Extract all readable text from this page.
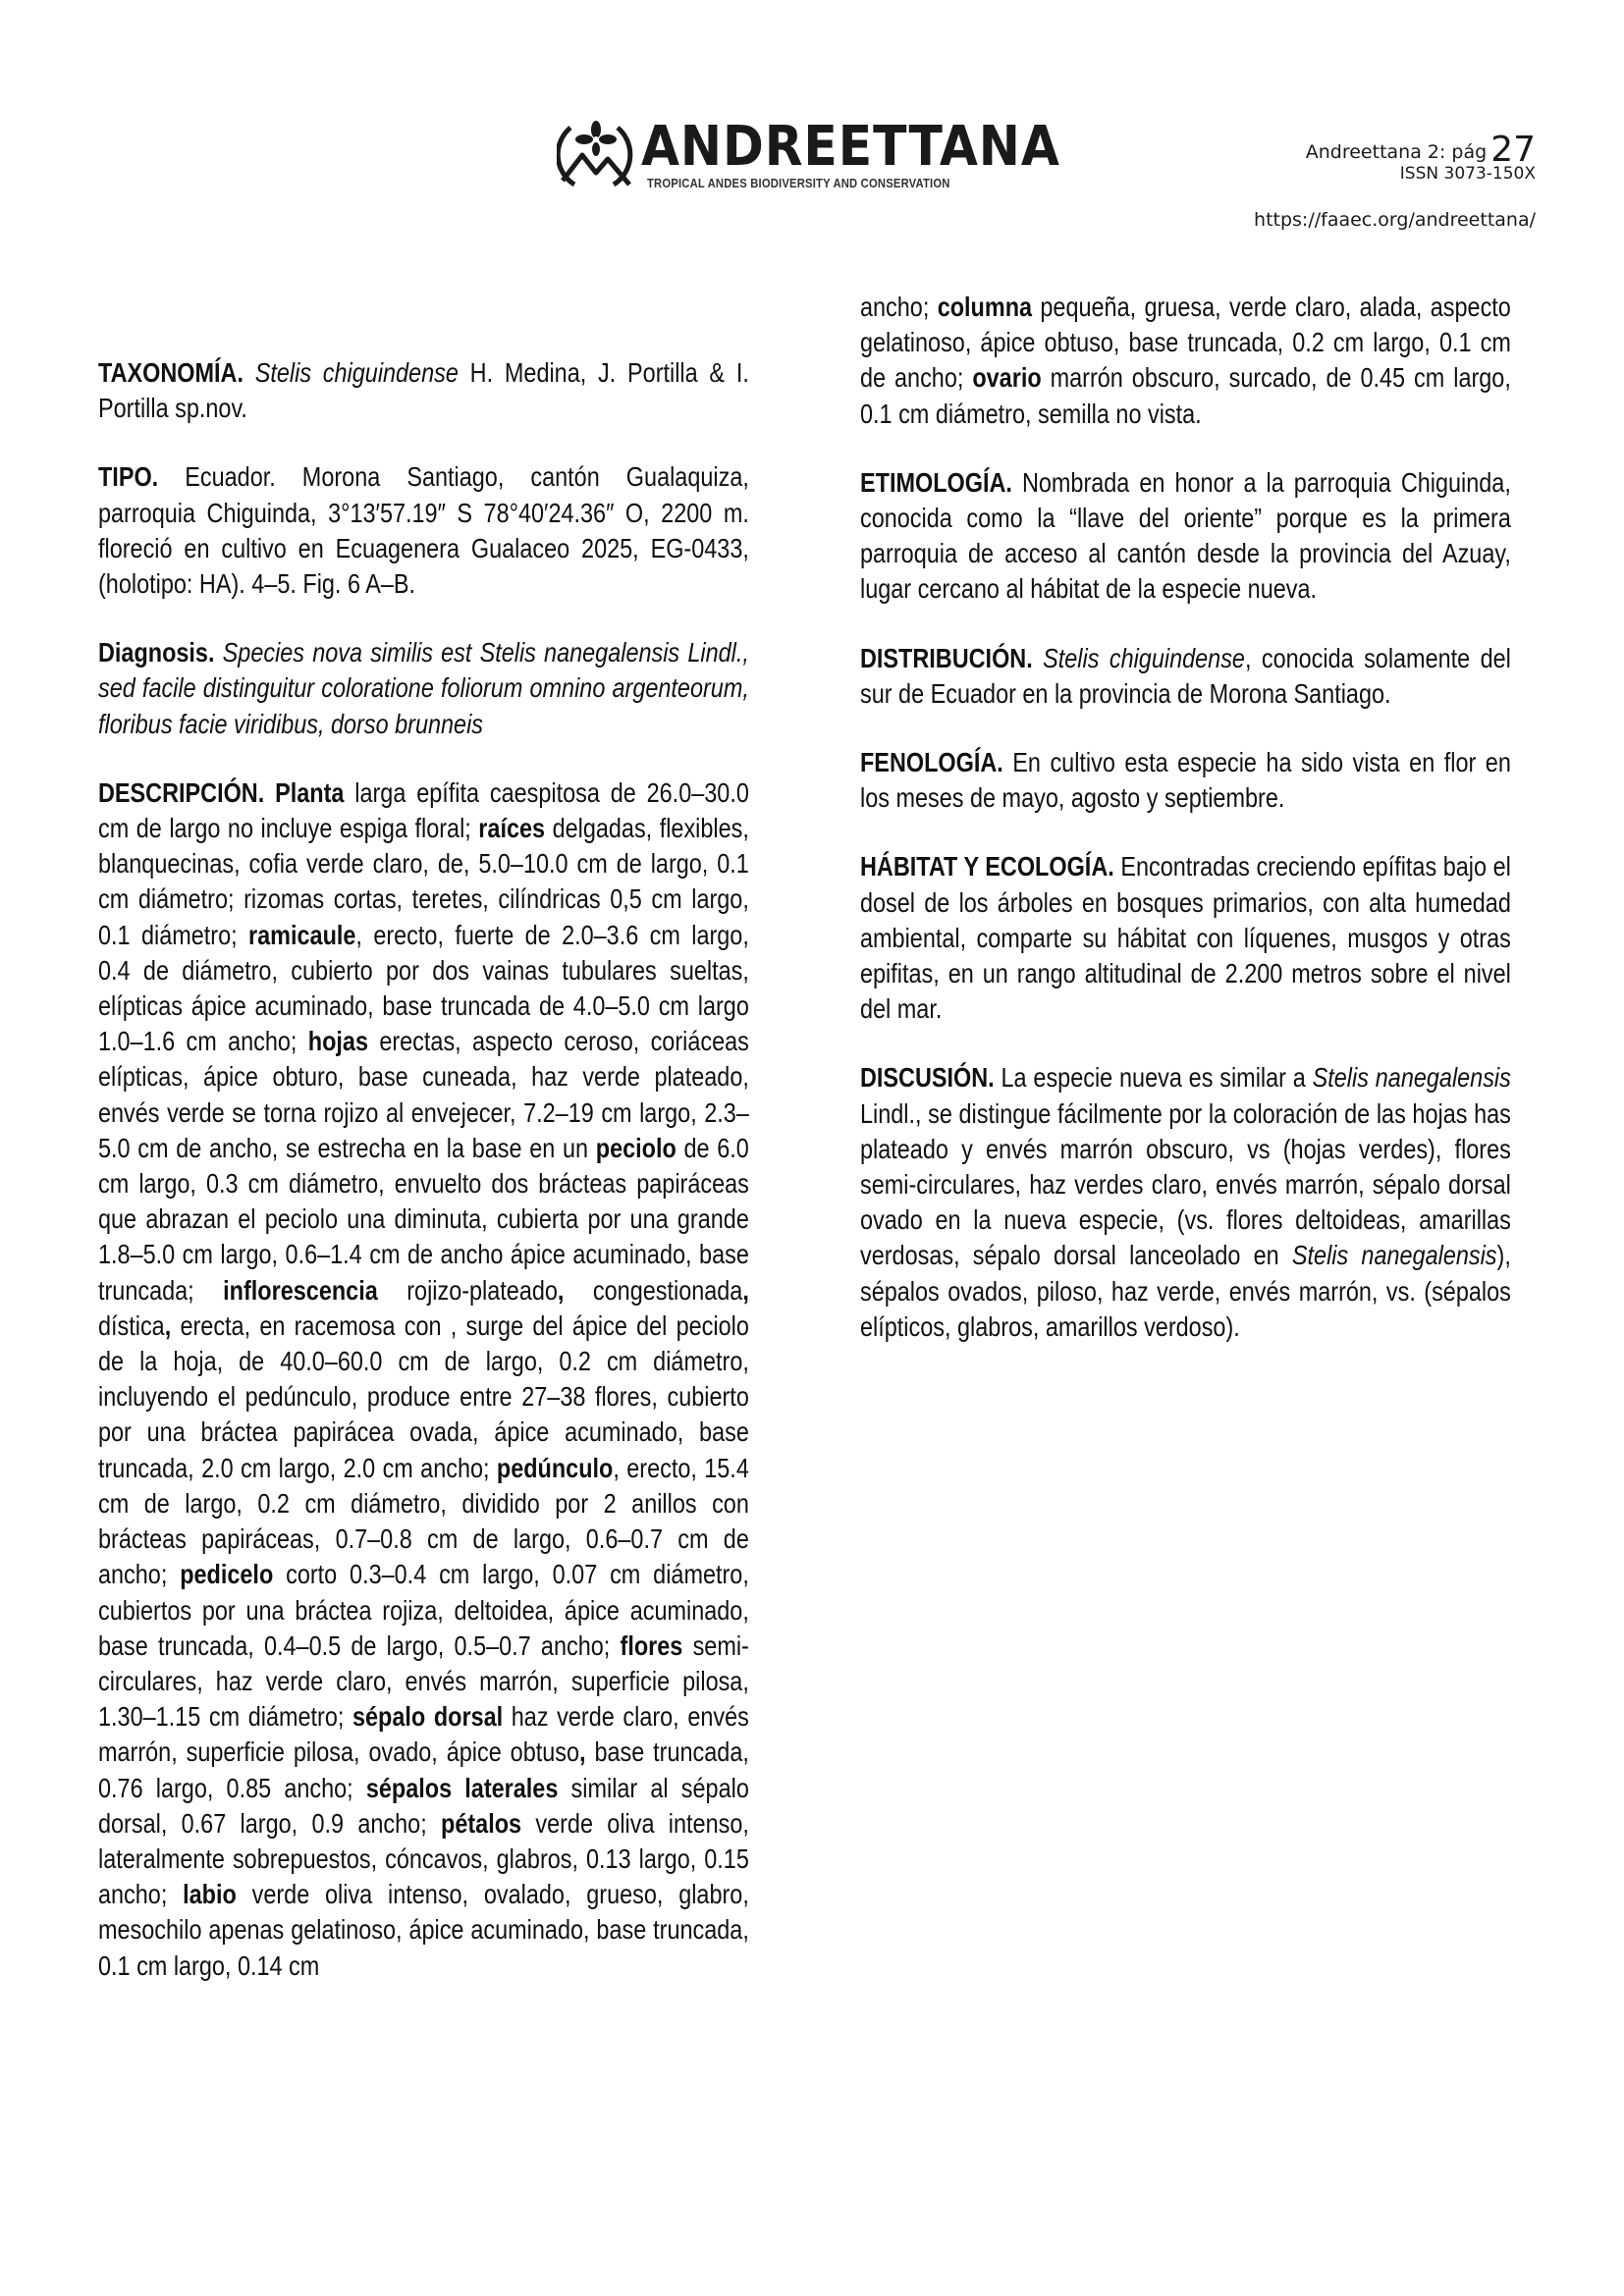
ANDREETTANA
TROPICAL ANDES BIODIVERSITY AND CONSERVATION
Andreettana 2: pág 27
ISSN 3073-150X
https://faaec.org/andreettana/

TAXONOMÍA. Stelis chiguindense H. Medina, J. Portilla & I. Portilla sp.nov.

TIPO. Ecuador. Morona Santiago, cantón Gualaquiza, parroquia Chiguinda, 3°13′57.19″ S 78°40′24.36″ O, 2200 m. floreció en cultivo en Ecuagenera Gualaceo 2025, EG-0433, (holotipo: HA). 4–5. Fig. 6 A–B.

Diagnosis. Species nova similis est Stelis nanegalensis Lindl., sed facile distinguitur coloratione foliorum omnino argenteorum, floribus facie viridibus, dorso brunneis

DESCRIPCIÓN. Planta larga epífita caespitosa de 26.0–30.0 cm de largo no incluye espiga floral; raíces delgadas, flexibles, blanquecinas, cofia verde claro, de, 5.0–10.0 cm de largo, 0.1 cm diámetro; rizomas cortas, teretes, cilíndricas 0,5 cm largo, 0.1 diámetro; ramicaule, erecto, fuerte de 2.0–3.6 cm largo, 0.4 de diámetro, cubierto por dos vainas tubulares sueltas, elípticas ápice acuminado, base truncada de 4.0–5.0 cm largo 1.0–1.6 cm ancho; hojas erectas, aspecto ceroso, coriáceas elípticas, ápice obturo, base cuneada, haz verde plateado, envés verde se torna rojizo al envejecer, 7.2–19 cm largo, 2.3–5.0 cm de ancho, se estrecha en la base en un peciolo de 6.0 cm largo, 0.3 cm diámetro, envuelto dos brácteas papiráceas que abrazan el peciolo una diminuta, cubierta por una grande 1.8–5.0 cm largo, 0.6–1.4 cm de ancho ápice acuminado, base truncada; inflorescencia rojizo-plateado, congestionada, dística, erecta, en racemosa con , surge del ápice del peciolo de la hoja, de 40.0–60.0 cm de largo, 0.2 cm diámetro, incluyendo el pedúnculo, produce entre 27–38 flores, cubierto por una bráctea papirácea ovada, ápice acuminado, base truncada, 2.0 cm largo, 2.0 cm ancho; pedúnculo, erecto, 15.4 cm de largo, 0.2 cm diámetro, dividido por 2 anillos con brácteas papiráceas, 0.7–0.8 cm de largo, 0.6–0.7 cm de ancho; pedicelo corto 0.3–0.4 cm largo, 0.07 cm diámetro, cubiertos por una bráctea rojiza, deltoidea, ápice acuminado, base truncada, 0.4–0.5 de largo, 0.5–0.7 ancho; flores semi-circulares, haz verde claro, envés marrón, superficie pilosa, 1.30–1.15 cm diámetro; sépalo dorsal haz verde claro, envés marrón, superficie pilosa, ovado, ápice obtuso, base truncada, 0.76 largo, 0.85 ancho; sépalos laterales similar al sépalo dorsal, 0.67 largo, 0.9 ancho; pétalos verde oliva intenso, lateralmente sobrepuestos, cóncavos, glabros, 0.13 largo, 0.15 ancho; labio verde oliva intenso, ovalado, grueso, glabro, mesochilo apenas gelatinoso, ápice acuminado, base truncada, 0.1 cm largo, 0.14 cm

ancho; columna pequeña, gruesa, verde claro, alada, aspecto gelatinoso, ápice obtuso, base truncada, 0.2 cm largo, 0.1 cm de ancho; ovario marrón obscuro, surcado, de 0.45 cm largo, 0.1 cm diámetro, semilla no vista.

ETIMOLOGÍA. Nombrada en honor a la parroquia Chiguinda, conocida como la “llave del oriente” porque es la primera parroquia de acceso al cantón desde la provincia del Azuay, lugar cercano al hábitat de la especie nueva.

DISTRIBUCIÓN. Stelis chiguindense, conocida solamente del sur de Ecuador en la provincia de Morona Santiago.

FENOLOGÍA. En cultivo esta especie ha sido vista en flor en los meses de mayo, agosto y septiembre.

HÁBITAT Y ECOLOGÍA. Encontradas creciendo epífitas bajo el dosel de los árboles en bosques primarios, con alta humedad ambiental, comparte su hábitat con líquenes, musgos y otras epifitas, en un rango altitudinal de 2.200 metros sobre el nivel del mar.

DISCUSIÓN. La especie nueva es similar a Stelis nanegalensis Lindl., se distingue fácilmente por la coloración de las hojas has plateado y envés marrón obscuro, vs (hojas verdes), flores semi-circulares, haz verdes claro, envés marrón, sépalo dorsal ovado en la nueva especie, (vs. flores deltoideas, amarillas verdosas, sépalo dorsal lanceolado en Stelis nanegalensis), sépalos ovados, piloso, haz verde, envés marrón, vs. (sépalos elípticos, glabros, amarillos verdoso).
